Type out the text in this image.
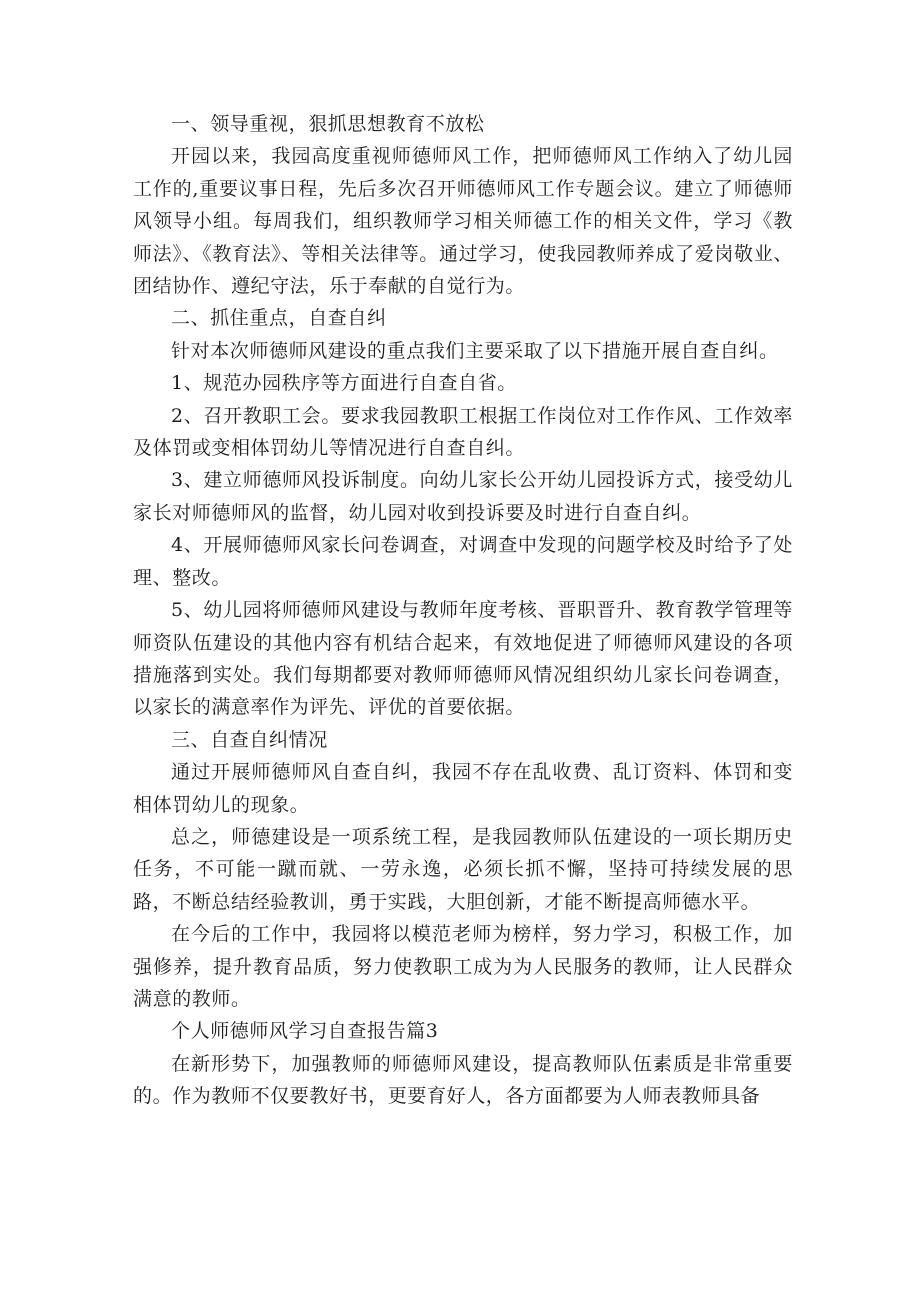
一、领导重视，狠抓思想教育不放松

开园以来，我园高度重视师德师风工作，把师德师风工作纳入了幼儿园工作的,重要议事日程，先后多次召开师德师风工作专题会议。建立了师德师风领导小组。每周我们，组织教师学习相关师德工作的相关文件，学习《教师法》、《教育法》、等相关法律等。通过学习，使我园教师养成了爱岗敬业、团结协作、遵纪守法，乐于奉献的自觉行为。

二、抓住重点，自查自纠

针对本次师德师风建设的重点我们主要采取了以下措施开展自查自纠。

1、规范办园秩序等方面进行自查自省。

2、召开教职工会。要求我园教职工根据工作岗位对工作作风、工作效率及体罚或变相体罚幼儿等情况进行自查自纠。

3、建立师德师风投诉制度。向幼儿家长公开幼儿园投诉方式，接受幼儿家长对师德师风的监督，幼儿园对收到投诉要及时进行自查自纠。

4、开展师德师风家长问卷调查，对调查中发现的问题学校及时给予了处理、整改。

5、幼儿园将师德师风建设与教师年度考核、晋职晋升、教育教学管理等师资队伍建设的其他内容有机结合起来，有效地促进了师德师风建设的各项措施落到实处。我们每期都要对教师师德师风情况组织幼儿家长问卷调查，以家长的满意率作为评先、评优的首要依据。

三、自查自纠情况

通过开展师德师风自查自纠，我园不存在乱收费、乱订资料、体罚和变相体罚幼儿的现象。

总之，师德建设是一项系统工程，是我园教师队伍建设的一项长期历史任务，不可能一蹴而就、一劳永逸，必须长抓不懈，坚持可持续发展的思路，不断总结经验教训，勇于实践，大胆创新，才能不断提高师德水平。

在今后的工作中，我园将以模范老师为榜样，努力学习，积极工作，加强修养，提升教育品质，努力使教职工成为为人民服务的教师，让人民群众满意的教师。

个人师德师风学习自查报告篇3

在新形势下，加强教师的师德师风建设，提高教师队伍素质是非常重要的。作为教师不仅要教好书，更要育好人，各方面都要为人师表教师具备
